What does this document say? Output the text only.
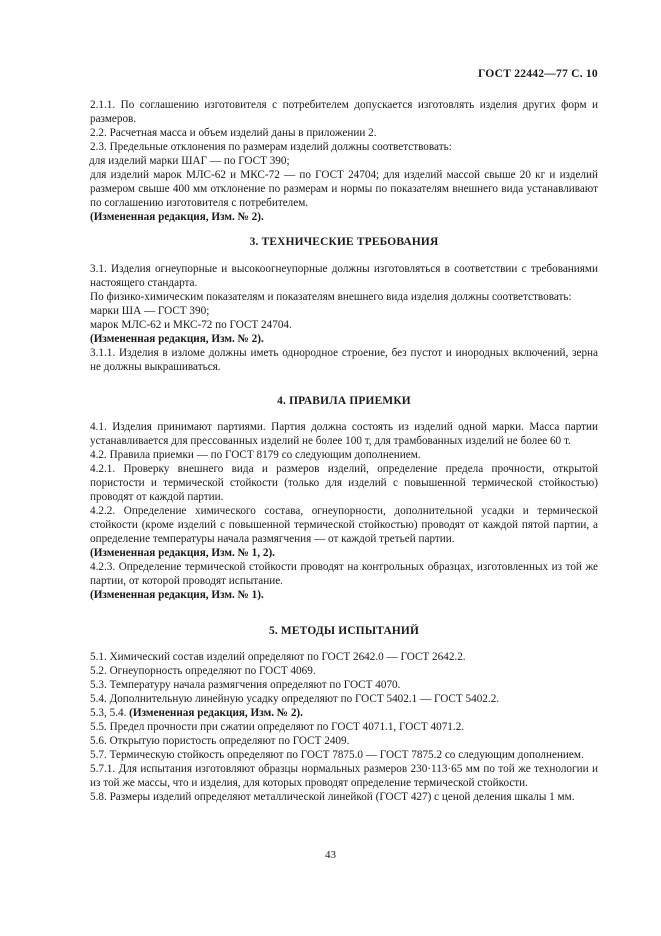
ГОСТ 22442—77 С. 10

2.1.1. По соглашению изготовителя с потребителем допускается изготовлять изделия других форм и размеров.

2.2. Расчетная масса и объем изделий даны в приложении 2.

2.3. Предельные отклонения по размерам изделий должны соответствовать:

для изделий марки ШАГ — по ГОСТ 390;

для изделий марок МЛС-62 и МКС-72 — по ГОСТ 24704; для изделий массой свыше 20 кг и изделий размером свыше 400 мм отклонение по размерам и нормы по показателям внешнего вида устанавливают по соглашению изготовителя с потребителем.

(Измененная редакция, Изм. № 2).

3. ТЕХНИЧЕСКИЕ ТРЕБОВАНИЯ

3.1. Изделия огнеупорные и высокоогнеупорные должны изготовляться в соответствии с требованиями настоящего стандарта.

По физико-химическим показателям и показателям внешнего вида изделия должны соответствовать:

марки ША — ГОСТ 390;

марок МЛС-62 и МКС-72 по ГОСТ 24704.

(Измененная редакция, Изм. № 2).

3.1.1. Изделия в изломе должны иметь однородное строение, без пустот и инородных включений, зерна не должны выкрашиваться.

4. ПРАВИЛА ПРИЕМКИ

4.1. Изделия принимают партиями. Партия должна состоять из изделий одной марки. Масса партии устанавливается для прессованных изделий не более 100 т, для трамбованных изделий не более 60 т.

4.2. Правила приемки — по ГОСТ 8179 со следующим дополнением.

4.2.1. Проверку внешнего вида и размеров изделий, определение предела прочности, открытой пористости и термической стойкости (только для изделий с повышенной термической стойкостью) проводят от каждой партии.

4.2.2. Определение химического состава, огнеупорности, дополнительной усадки и термической стойкости (кроме изделий с повышенной термической стойкостью) проводят от каждой пятой партии, а определение температуры начала размягчения — от каждой третьей партии.

(Измененная редакция, Изм. № 1, 2).

4.2.3. Определение термической стойкости проводят на контрольных образцах, изготовленных из той же партии, от которой проводят испытание.

(Измененная редакция, Изм. № 1).

5. МЕТОДЫ ИСПЫТАНИЙ

5.1. Химический состав изделий определяют по ГОСТ 2642.0 — ГОСТ 2642.2.

5.2. Огнеупорность определяют по ГОСТ 4069.

5.3. Температуру начала размягчения определяют по ГОСТ 4070.

5.4. Дополнительную линейную усадку определяют по ГОСТ 5402.1 — ГОСТ 5402.2.

5.3, 5.4. (Измененная редакция, Изм. № 2).

5.5. Предел прочности при сжатии определяют по ГОСТ 4071.1, ГОСТ 4071.2.

5.6. Открытую пористость определяют по ГОСТ 2409.

5.7. Термическую стойкость определяют по ГОСТ 7875.0 — ГОСТ 7875.2 со следующим дополнением.

5.7.1. Для испытания изготовляют образцы нормальных размеров 230·113·65 мм по той же технологии и из той же массы, что и изделия, для которых проводят определение термической стойкости.

5.8. Размеры изделий определяют металлической линейкой (ГОСТ 427) с ценой деления шкалы 1 мм.

43
